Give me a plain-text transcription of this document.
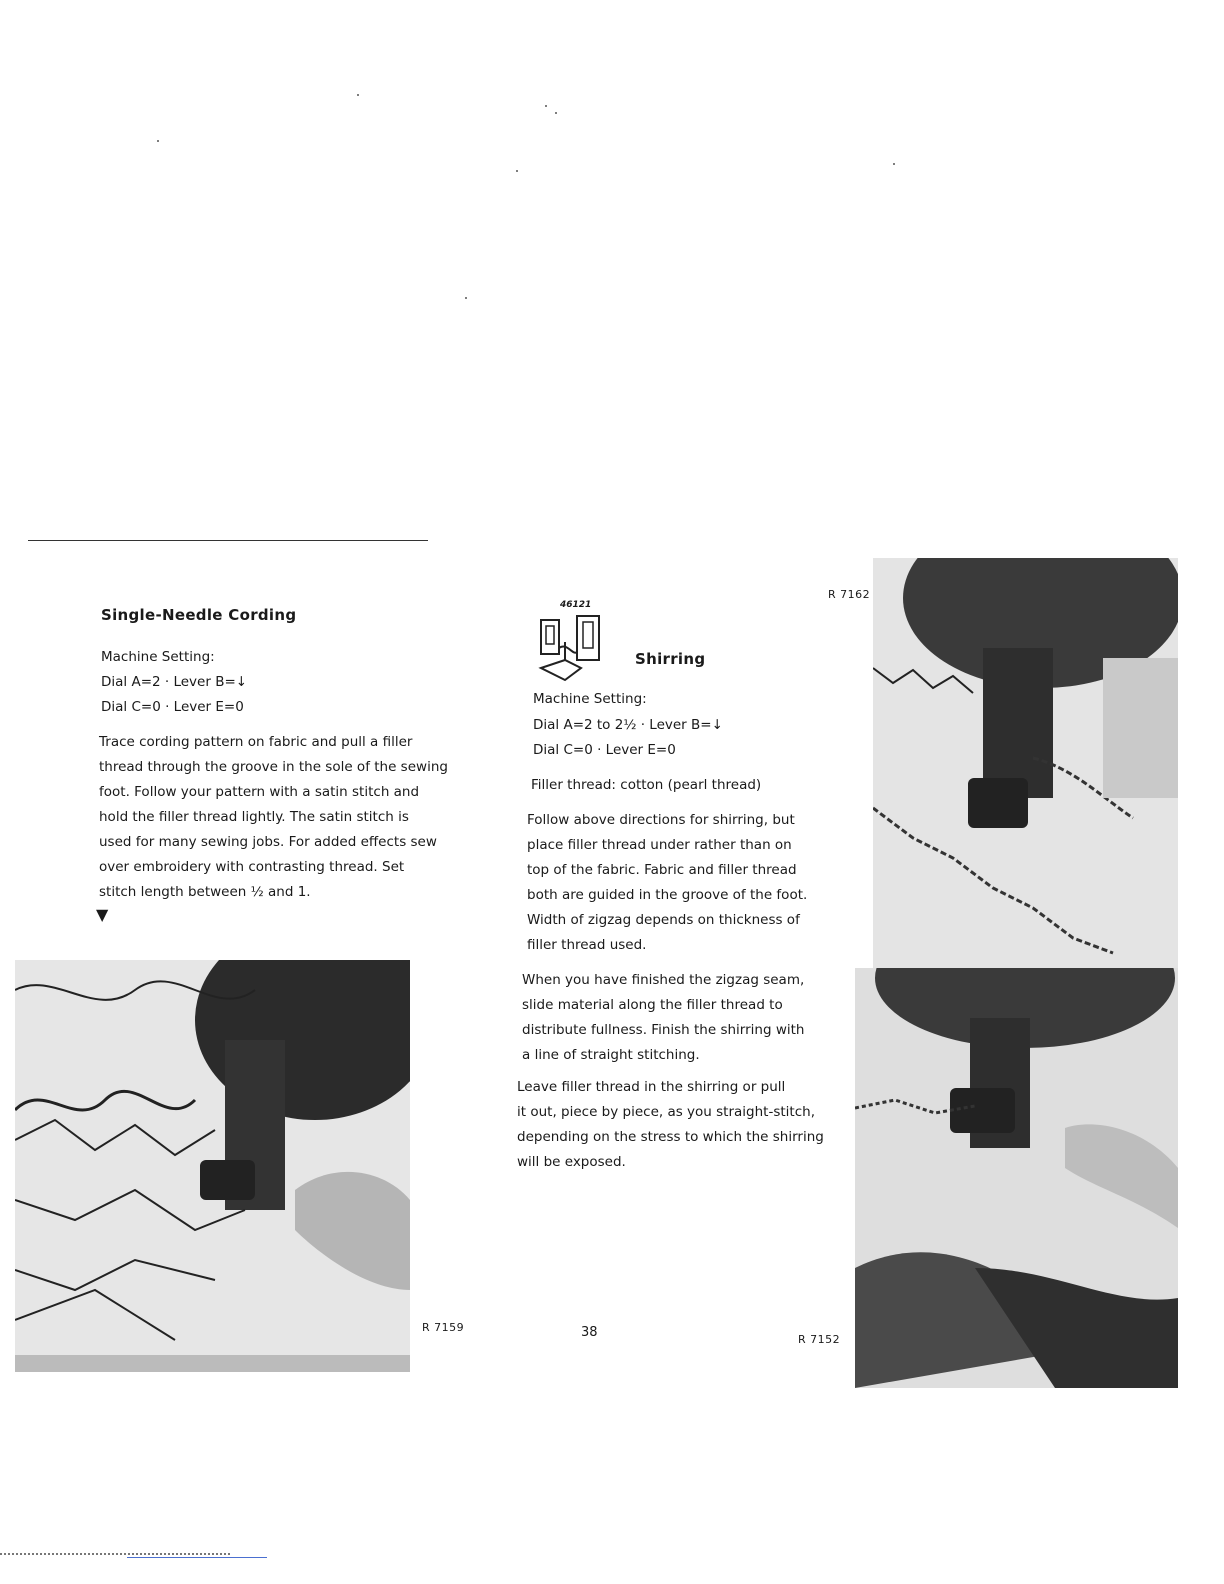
Single-Needle Cording
Machine Setting:
Dial A=2 · Lever B=↓
Dial C=0 · Lever E=0

Trace cording pattern on fabric and pull a filler

thread through the groove in the sole of the sewing

foot. Follow your pattern with a satin stitch and

hold the filler thread lightly. The satin stitch is

used for many sewing jobs. For added effects sew

over embroidery with contrasting thread. Set

stitch length between ½ and 1.

▼
R 7159
46121
Shirring
Machine Setting:
Dial A=2 to 2½ · Lever B=↓
Dial C=0 · Lever E=0
Filler thread: cotton (pearl thread)

Follow above directions for shirring, but

place filler thread under rather than on

top of the fabric. Fabric and filler thread

both are guided in the groove of the foot.

Width of zigzag depends on thickness of

filler thread used.

When you have finished the zigzag seam,

slide material along the filler thread to

distribute fullness. Finish the shirring with

a line of straight stitching.

Leave filler thread in the shirring or pull

it out, piece by piece, as you straight-stitch,

depending on the stress to which the shirring

will be exposed.

38
R 7162
R 7152
